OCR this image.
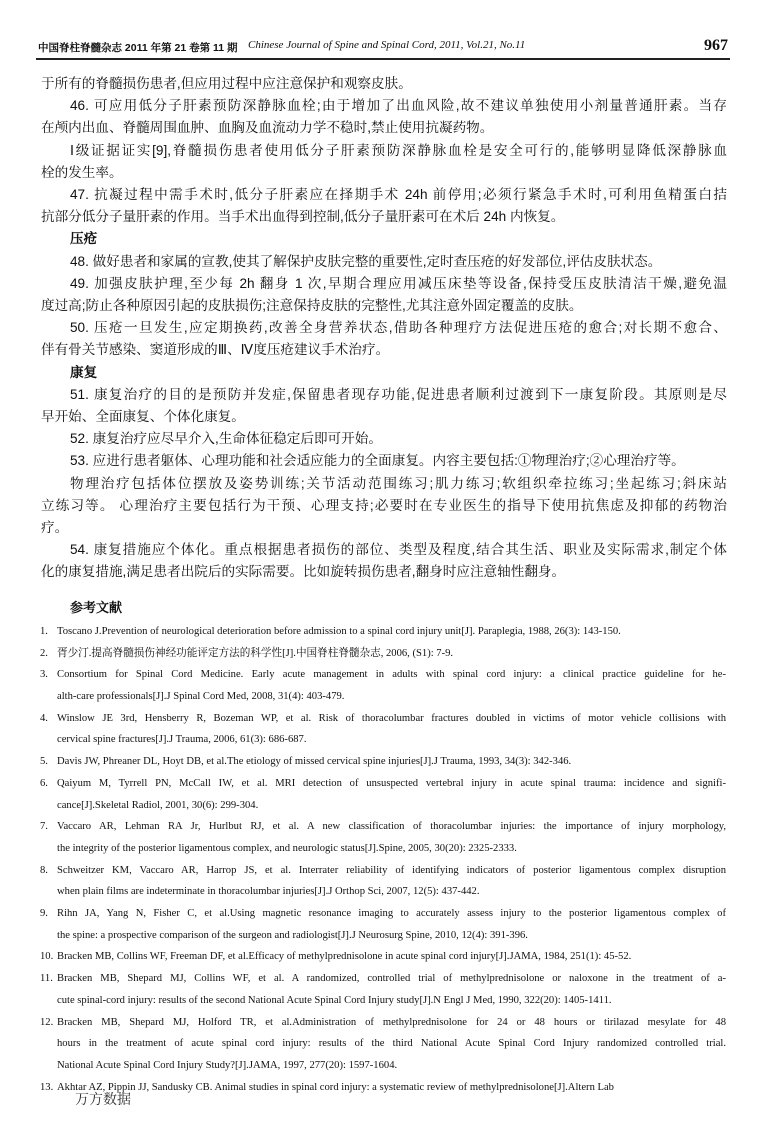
中国脊柱脊髓杂志 2011 年第 21 卷第 11 期 Chinese Journal of Spine and Spinal Cord, 2011, Vol.21, No.11	967
于所有的脊髓损伤患者,但应用过程中应注意保护和观察皮肤。
46. 可应用低分子肝素预防深静脉血栓;由于增加了出血风险,故不建议单独使用小剂量普通肝素。当存
在颅内出血、脊髓周围血肿、血胸及血流动力学不稳时,禁止使用抗凝药物。
Ⅰ级证据证实[9],脊髓损伤患者使用低分子肝素预防深静脉血栓是安全可行的,能够明显降低深静脉血
栓的发生率。
47. 抗凝过程中需手术时,低分子肝素应在择期手术 24h 前停用;必须行紧急手术时,可利用鱼精蛋白拮
抗部分低分子量肝素的作用。当手术出血得到控制,低分子量肝素可在术后 24h 内恢复。
压疮
48. 做好患者和家属的宣教,使其了解保护皮肤完整的重要性,定时查压疮的好发部位,评估皮肤状态。
49. 加强皮肤护理,至少每 2h 翻身 1 次,早期合理应用减压床垫等设备,保持受压皮肤清洁干燥,避免温
度过高;防止各种原因引起的皮肤损伤;注意保持皮肤的完整性,尤其注意外固定覆盖的皮肤。
50. 压疮一旦发生,应定期换药,改善全身营养状态,借助各种理疗方法促进压疮的愈合;对长期不愈合、
伴有骨关节感染、窦道形成的Ⅲ、Ⅳ度压疮建议手术治疗。
康复
51. 康复治疗的目的是预防并发症,保留患者现存功能,促进患者顺利过渡到下一康复阶段。其原则是尽
早开始、全面康复、个体化康复。
52. 康复治疗应尽早介入,生命体征稳定后即可开始。
53. 应进行患者躯体、心理功能和社会适应能力的全面康复。内容主要包括:①物理治疗;②心理治疗等。
物理治疗包括体位摆放及姿势训练;关节活动范围练习;肌力练习;软组织牵拉练习;坐起练习;斜床站
立练习等。 心理治疗主要包括行为干预、心理支持;必要时在专业医生的指导下使用抗焦虑及抑郁的药物治
疗。
54. 康复措施应个体化。重点根据患者损伤的部位、类型及程度,结合其生活、职业及实际需求,制定个体
化的康复措施,满足患者出院后的实际需要。比如旋转损伤患者,翻身时应注意轴性翻身。
参考文献
1. Toscano J.Prevention of neurological deterioration before admission to a spinal cord injury unit[J]. Paraplegia, 1988, 26(3): 143-150.
2. 胥少汀.提高脊髓损伤神经功能评定方法的科学性[J].中国脊柱脊髓杂志, 2006, (S1): 7-9.
3. Consortium for Spinal Cord Medicine. Early acute management in adults with spinal cord injury: a clinical practice guideline for he-
alth-care professionals[J].J Spinal Cord Med, 2008, 31(4): 403-479.
4. Winslow JE 3rd, Hensberry R, Bozeman WP, et al. Risk of thoracolumbar fractures doubled in victims of motor vehicle collisions with
cervical spine fractures[J].J Trauma, 2006, 61(3): 686-687.
5. Davis JW, Phreaner DL, Hoyt DB, et al.The etiology of missed cervical spine injuries[J].J Trauma, 1993, 34(3): 342-346.
6. Qaiyum M, Tyrrell PN, McCall IW, et al. MRI detection of unsuspected vertebral injury in acute spinal trauma: incidence and signifi-
cance[J].Skeletal Radiol, 2001, 30(6): 299-304.
7. Vaccaro AR, Lehman RA Jr, Hurlbut RJ, et al. A new classification of thoracolumbar injuries: the importance of injury morphology,
the integrity of the posterior ligamentous complex, and neurologic status[J].Spine, 2005, 30(20): 2325-2333.
8. Schweitzer KM, Vaccaro AR, Harrop JS, et al. Interrater reliability of identifying indicators of posterior ligamentous complex disruption
when plain films are indeterminate in thoracolumbar injuries[J].J Orthop Sci, 2007, 12(5): 437-442.
9. Rihn JA, Yang N, Fisher C, et al.Using magnetic resonance imaging to accurately assess injury to the posterior ligamentous complex of
the spine: a prospective comparison of the surgeon and radiologist[J].J Neurosurg Spine, 2010, 12(4): 391-396.
10. Bracken MB, Collins WF, Freeman DF, et al.Efficacy of methylprednisolone in acute spinal cord injury[J].JAMA, 1984, 251(1): 45-52.
11. Bracken MB, Shepard MJ, Collins WF, et al. A randomized, controlled trial of methylprednisolone or naloxone in the treatment of a-
cute spinal-cord injury: results of the second National Acute Spinal Cord Injury study[J].N Engl J Med, 1990, 322(20): 1405-1411.
12. Bracken MB, Shepard MJ, Holford TR, et al.Administration of methylprednisolone for 24 or 48 hours or tirilazad mesylate for 48
hours in the treatment of acute spinal cord injury: results of the third National Acute Spinal Cord Injury randomized controlled trial.
National Acute Spinal Cord Injury Study?[J].JAMA, 1997, 277(20): 1597-1604.
13. Akhtar AZ, Pippin JJ, Sandusky CB. Animal studies in spinal cord injury: a systematic review of methylprednisolone[J].Altern Lab
万方数据
